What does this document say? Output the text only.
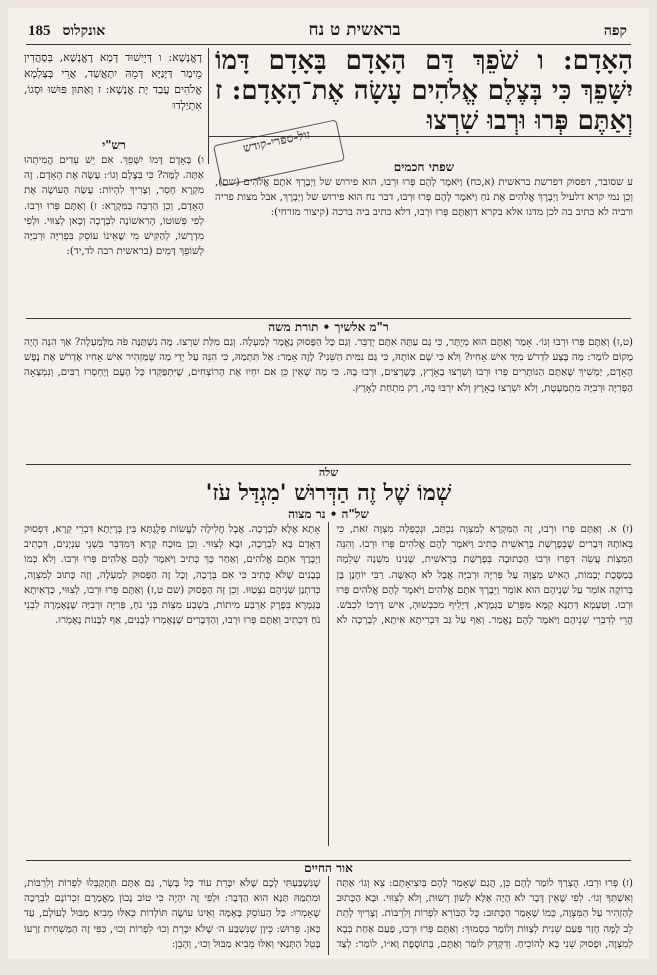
קפה
בראשית ט נח
185 אונקלוס

הָאָדָם: ו שֹׁפֵךְ דַּם הָאָדָם בָּאָדָם דָּמוֹ יִשָּׁפֵךְ כִּי בְּצֶלֶם אֱלֹהִים עָשָׂה אֶת־הָאָדָם: ז וְאַתֶּם פְּרוּ וּרְבוּ שִׁרְצוּ

דֶאֱנָשָׁא: ו דְּיֵישׁוּד דְּמָא דֶאֱנָשָׁא, בְּסָהֲדִין מֵימַר דַּיָּנַיָּא דְּמֵהּ יִתְאֲשַׁד, אֲרֵי בְּצַלְמָא אֱלֹהִים עֲבַד יָת אֱנָשָׁא: ז וְאַתּוּן פּוּשׁוּ וּסְגוֹ, אִתְיַלְדוּ

רש"י

ו) בָּאָדָם דָּמוֹ יִשָּׁפֵךְ. אִם יֵשׁ עֵדִים הֲמִיתֵהוּ אַתָּה. לָמָּה? כִּי בְּצֶלֶם וְגוֹ׳: עָשָׂה אֶת הָאָדָם. זֶה מִקְרָא חָסֵר, וְצָרִיךְ לִהְיוֹת: עָשָׂה הָעוֹשֶׂה אֶת הָאָדָם, וְכֵן הַרְבֵּה בַּמִּקְרָא: ז) וְאַתֶּם פְּרוּ וּרְבוּ. לְפִי פְּשׁוּטוֹ, הָרִאשׁוֹנָה לִבְרָכָה וְכָאן לְצִוּוּי. וּלְפִי מִדְרָשׁוֹ, לְהַקִּישׁ מִי שֶׁאֵינוֹ עוֹסֵק בִּפְרִיָּה וּרְבִיָּה לְשׁוֹפֵךְ דָּמִים (בראשית רבה לד,יד):

שפתי חכמים

ע שסובר, דפסוק דפרשת בראשית (א,כח) וַיֹּאמֶר לָהֶם פְּרוּ וּרְבוּ, הוא פירוש של וַיְבָרֶךְ אֹתָם אֱלֹהִים (שם), וְכֵן נמי קרא דלעיל וַיְבָרֶךְ אֱלֹהִים אֶת נֹחַ וַיֹּאמֶר לָהֶם פְּרוּ וּרְבוּ, דבר נח הוא פירוש של וַיְבָרֶךְ, אבל מצות פריה ורביה לא כתיב בה לכן מדגו אלא בקרא דוְאַתֶּם פְּרוּ וּרְבוּ, דלא כתיב ביה ברכה (קיצור מזרחי):

זול-ספרי-קודש

ר"מ אלשיך • תורת משה

(ט,ז) וְאַתֶּם פְּרוּ וּרְבוּ וְגוֹ׳. אָמַר וְאַתֶּם הוּא מְיֻתָּר, כִּי גַּם עַתָּה אִתָּם יְדַבֵּר. וְגַם כָּל הַפָּסוּק נֶאֱמַר לְמַעְלָה. וְגַם מִלַּת שִׁרְצוּ. מָה נִשְׁתַּנָּה פֹּה מִלְּמַעְלָה? אַךְ הִנֵּה הָיָה מָקוֹם לוֹמַר: מַה בֶּצַע לִדְרֹשׁ מִיַּד אִישׁ אָחִיו? וְלֹא כִּי שָׁם אוֹתָהּ, כִּי גַּם נִמִּית הַשֵּׁנִי? לָזֶה אָמַר: אַל תִּתְמַהּ, כִּי הִנֵּה עַל יְדֵי מַה שֶּׁמַּזְהִיר אִישׁ אָחִיו אֶדְרֹשׁ אֶת נֶפֶשׁ הָאָדָם, יַמְשִׁיךְ שֶׁאַתֶּם הַנּוֹתָרִים פְּרוּ וּרְבוּ וְשִׁרְצוּ בָאָרֶץ, כְּשֶׁרָצִים, וּרְבוּ בָהּ. כִּי מָה שֶׁאֵין כֵּן אִם יִחְיוּ אֶת הָרוֹצְחִים, שֶׁיִּתְפַּקְּדוּ כָּל הָעָם וְיֶחְסְרוּ רַבִּים, וְנִמְצָאָה הַפְּרִיָּה וּרְבִיָּה מִתְמַעֶטֶת, וְלֹא יִשְׁרְצוּ בָאָרֶץ וְלֹא יִרְבּוּ בָהּ, רַק מִתְחַת לָאָרֶץ.

שלה

שְׁמוֹ שֶׁל זֶה הַדְּרוּשׁ 'מִגְדַּל עֹז'

של"ה • נר מצוה

(ז) א. וְאַתֶּם פְּרוּ וּרְבוּ, זֶה הַמִּקְרָא לְמִצְוָה נִכְתַּב, וּנְכֻפְּלָה מִצְוָה זֹאת, כִּי בְּאוֹתָהּ דְּבָרִים שֶׁבְּפָרָשַׁת בְּרֵאשִׁית כְּתִיב וַיֹּאמֶר לָהֶם אֱלֹהִים פְּרוּ וּרְבוּ. וְהִנֵּה הַמִּצְוֹת עֲשֵׂה דִּפְרוּ וּרְבוּ הַכְּתוּבָה בְּפָרָשַׁת בְּרֵאשִׁית, שָׁנִינוּ מִשְׁנָה שְׁלֵמָה בְּמַסֶּכֶת יְבָמוֹת, הָאִישׁ מְצֻוֶּה עַל פְּרִיָּה וּרְבִיָּה אֲבָל לֹא הָאִשָּׁה. רַבִּי יוֹחָנָן בֶּן בְּרוֹקָה אוֹמֵר עַל שְׁנֵיהֶם הוּא אוֹמֵר וַיְבָרֶךְ אֹתָם אֱלֹהִים וַיֹּאמֶר לָהֶם אֱלֹהִים פְּרוּ וּרְבוּ. וְטַעְמָא דְּתַנָּא קַמָּא מִפָּרֵשׁ בַּגְּמָרָא, דְּיָלֵיף מִכִּבְשׁוּהָ, אִישׁ דַּרְכּוֹ לִכְבֹּשׁ. הֲרֵי לְדִבְרֵי שְׁנֵיהֶם וַיֹּאמֶר לָהֶם נֶאֱמַר. וְאַף עַל גַּב דִּבְרִיתָא אִיתָא, לְבָרְכָה לֹא אָתָא אֶלָּא לִבְרָכָה. אֲבָל חֲלִילָה לַעֲשׂוֹת פְּלֻגְתָּא בֵּין בְּרָיְתָא דִּבְרֵי קְרָא, דִּפְסוּק דְּאָדָם בָּא לִבְרָכָה, וּבָא לְצִוּוּי. וְכֵן מוּכָח קְרָא דְּמִדַּבֵּר בִּשְׁנֵי עִנְיָנִים, דִּכְתִיב וַיְבָרֶךְ אֹתָם אֱלֹהִים, וְאַחַר כָּךְ כְּתִיב וַיֹּאמֶר לָהֶם אֱלֹהִים פְּרוּ וּרְבוּ. וְלֹא כְּמוֹ בְּבָנִים שֶׁלֹּא כְּתִיב כִּי אִם בְּרָכָה, וְכָל זֶה הַפָּסוּק לְמַעְלָה, וְזֶה כָּתוּב לְמִצְוָה, כְּדִתְנַן שְׁנֵיהֶם נִצְטַוּוּ. וְכֵן זֶה הַפָּסוּק (שם ט,ז) וְאַתֶּם פְּרוּ וּרְבוּ, לְצִוּוּי, כְּדָאִיתָא בַּגְּמָרָא בְּפֶרֶק אַרְבַּע מִיתוֹת, בִּשְׁבַע מִצְוֹת בְּנֵי נֹחַ, פְּרִיָּה וּרְבִיָּה שֶׁנֶּאֶמְרָה לִבְנֵי נֹחַ דִּכְתִיב וְאַתֶּם פְּרוּ וּרְבוּ, וְהַדְּבָרִים שֶׁנֶּאֶמְרוּ לְבָנִים, אַף לַבָּנוֹת נֶאֶמְרוּ.

אור החיים

(ז) פְּרוּ וּרְבוּ. הֻצְרַךְ לוֹמַר לָהֶם כֵּן, הֲגַם שֶׁאָמַר לָהֶם בְּיִצִיאָתָם: צֵא וְגוֹ׳ אַתָּה וְאִשְׁתְּךָ וְגוֹ׳. לְפִי שֶׁאֵין דָּבָר לֹא הָיָה אֶלָּא לְשׁוֹן רְשׁוּת, וְלֹא לְצִוּוּי. וּבָא הַכָּתוּב לְהַזְהִיר עַל הַמִּצְוָה, כְּמוֹ שֶׁאָמַר הַכָּתוּב: כָּל הַבּוֹרֵא לִפְרוֹת וְלִרְבּוֹת. וְצָרִיךְ לָתֵת לֵב לָמָּה חָזַר פַּעַם שֵׁנִית לְצַוּוֹת וְלוֹמַר בִּסְמוּךְ: וְאַתֶּם פְּרוּ וּרְבוּ, פַּעַם אַחַת בְּבָא לְמִצְוָה, וּפָסוּק שֵׁנִי בָּא לְהוֹכִיחַ. וְדִקְדֵּק לוֹמַר וְאַתֶּם, בְּתוֹסֶפֶת וָא״ו, לוֹמַר: לְצַד שֶׁנִּשְׁבַּעְתִּי לָכֶם שֶׁלֹּא יִכָּרֵת עוֹד כָּל בָּשָׂר, גַּם אַתֶּם תִּתְקַבְּלוּ לִפְרוֹת וְלִרְבּוֹת, וּמִתְמַהּ תַּנָּא הוּא הַדָּבָר: וּלְפִי זֶה יִהְיֶה כִּי טוֹב נָכוֹן מַאֲמָרָם זִכְרוֹנָם לִבְרָכָה שֶׁאָמְרוּ: כָּל הַעוֹסֵק בָּאָמָּה וְאֵינוֹ עוֹשֶׂה תּוֹלָדוֹת כְּאִלּוּ מֵבִיא מַבּוּל לָעוֹלָם, עַד כָּאן. פֵּרוּשׁ: כֵּיוָן שֶׁנִּשְׁבַּע ה׳ שֶׁלֹּא יִכָּרֵת וְכוּ׳ לִפְרוֹת וְכוּ׳, כִּפִּי זֶה הַמַּשְׁחִית זַרְעוֹ בָּטֵל הַתְּנַאי וְאִלּוּ מֵבִיא מַבּוּל וְכוּ׳, וְהָבֵן:
